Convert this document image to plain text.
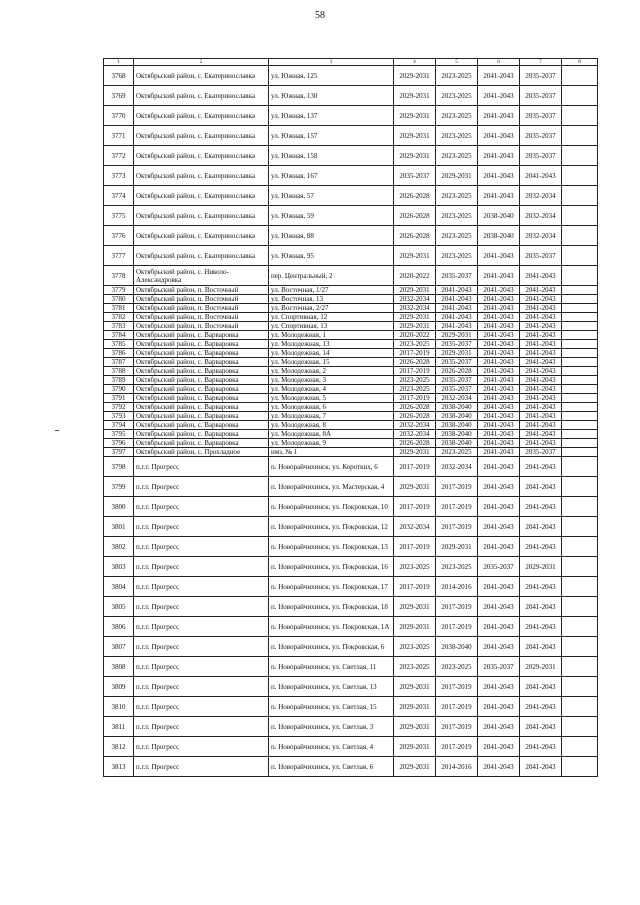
58
1	2	3	4	5	6	7	8
3768	Октябрьский район, с. Екатеринославка	ул. Южная, 125	2029-2031	2023-2025	2041-2043	2035-2037	
3769	Октябрьский район, с. Екатеринославка	ул. Южная, 130	2029-2031	2023-2025	2041-2043	2035-2037	
3770	Октябрьский район, с. Екатеринославка	ул. Южная, 137	2029-2031	2023-2025	2041-2043	2035-2037	
3771	Октябрьский район, с. Екатеринославка	ул. Южная, 157	2029-2031	2023-2025	2041-2043	2035-2037	
3772	Октябрьский район, с. Екатеринославка	ул. Южная, 158	2029-2031	2023-2025	2041-2043	2035-2037	
3773	Октябрьский район, с. Екатеринославка	ул. Южная, 167	2035-2037	2029-2031	2041-2043	2041-2043	
3774	Октябрьский район, с. Екатеринославка	ул. Южная, 57	2026-2028	2023-2025	2041-2043	2032-2034	
3775	Октябрьский район, с. Екатеринославка	ул. Южная, 59	2026-2028	2023-2025	2038-2040	2032-2034	
3776	Октябрьский район, с. Екатеринославка	ул. Южная, 88	2026-2028	2023-2025	2038-2040	2032-2034	
3777	Октябрьский район, с. Екатеринославка	ул. Южная, 95	2029-2031	2023-2025	2041-2043	2035-2037	
3778	Октябрьский район, с. Николо-Александровка	пер. Центральный, 2	2020-2022	2035-2037	2041-2043	2041-2043	
3779	Октябрьский район, п. Восточный	ул. Восточная, 1/27	2029-2031	2041-2043	2041-2043	2041-2043	
3780	Октябрьский район, п. Восточный	ул. Восточная, 13	2032-2034	2041-2043	2041-2043	2041-2043	
3781	Октябрьский район, п. Восточный	ул. Восточная, 2/27	2032-2034	2041-2043	2041-2043	2041-2043	
3782	Октябрьский район, п. Восточный	ул. Спортивная, 12	2029-2031	2041-2043	2041-2043	2041-2043	
3783	Октябрьский район, п. Восточный	ул. Спортивная, 13	2029-2031	2041-2043	2041-2043	2041-2043	
3784	Октябрьский район, с. Варваровка	ул. Молодежная, 1	2020-2022	2029-2031	2041-2043	2041-2043	
3785	Октябрьский район, с. Варваровка	ул. Молодежная, 13	2023-2025	2035-2037	2041-2043	2041-2043	
3786	Октябрьский район, с. Варваровка	ул. Молодежная, 14	2017-2019	2029-2031	2041-2043	2041-2043	
3787	Октябрьский район, с. Варваровка	ул. Молодежная, 15	2026-2028	2035-2037	2041-2043	2041-2043	
3788	Октябрьский район, с. Варваровка	ул. Молодежная, 2	2017-2019	2026-2028	2041-2043	2041-2043	
3789	Октябрьский район, с. Варваровка	ул. Молодежная, 3	2023-2025	2035-2037	2041-2043	2041-2043	
3790	Октябрьский район, с. Варваровка	ул. Молодежная, 4	2023-2025	2035-2037	2041-2043	2041-2043	
3791	Октябрьский район, с. Варваровка	ул. Молодежная, 5	2017-2019	2032-2034	2041-2043	2041-2043	
3792	Октябрьский район, с. Варваровка	ул. Молодежная, 6	2026-2028	2038-2040	2041-2043	2041-2043	
3793	Октябрьский район, с. Варваровка	ул. Молодежная, 7	2026-2028	2038-2040	2041-2043	2041-2043	
3794	Октябрьский район, с. Варваровка	ул. Молодежная, 8	2032-2034	2038-2040	2041-2043	2041-2043	
3795	Октябрьский район, с. Варваровка	ул. Молодежная, 8А	2032-2034	2038-2040	2041-2043	2041-2043	
3796	Октябрьский район, с. Варваровка	ул. Молодежная, 9	2026-2028	2038-2040	2041-2043	2041-2043	
3797	Октябрьский район, с. Прохладное	нмз. № 1	2029-2031	2023-2025	2041-2043	2035-2037	
3798	п.г.т. Прогресс	п. Новорайчихинск, ул. Коротких, 6	2017-2019	2032-2034	2041-2043	2041-2043	
3799	п.г.т. Прогресс	п. Новорайчихинск, ул. Мастерская, 4	2029-2031	2017-2019	2041-2043	2041-2043	
3800	п.г.т. Прогресс	п. Новорайчихинск, ул. Покровская, 10	2017-2019	2017-2019	2041-2043	2041-2043	
3801	п.г.т. Прогресс	п. Новорайчихинск, ул. Покровская, 12	2032-2034	2017-2019	2041-2043	2041-2043	
3802	п.г.т. Прогресс	п. Новорайчихинск, ул. Покровская, 13	2017-2019	2029-2031	2041-2043	2041-2043	
3803	п.г.т. Прогресс	п. Новорайчихинск, ул. Покровская, 16	2023-2025	2023-2025	2035-2037	2029-2031	
3804	п.г.т. Прогресс	п. Новорайчихинск, ул. Покровская, 17	2017-2019	2014-2016	2041-2043	2041-2043	
3805	п.г.т. Прогресс	п. Новорайчихинск, ул. Покровская, 18	2029-2031	2017-2019	2041-2043	2041-2043	
3806	п.г.т. Прогресс	п. Новорайчихинск, ул. Покровская, 1А	2029-2031	2017-2019	2041-2043	2041-2043	
3807	п.г.т. Прогресс	п. Новорайчихинск, ул. Покровская, 6	2023-2025	2038-2040	2041-2043	2041-2043	
3808	п.г.т. Прогресс	п. Новорайчихинск, ул. Светлая, 11	2023-2025	2023-2025	2035-2037	2029-2031	
3809	п.г.т. Прогресс	п. Новорайчихинск, ул. Светлая, 13	2029-2031	2017-2019	2041-2043	2041-2043	
3810	п.г.т. Прогресс	п. Новорайчихинск, ул. Светлая, 15	2029-2031	2017-2019	2041-2043	2041-2043	
3811	п.г.т. Прогресс	п. Новорайчихинск, ул. Светлая, 3	2029-2031	2017-2019	2041-2043	2041-2043	
3812	п.г.т. Прогресс	п. Новорайчихинск, ул. Светлая, 4	2029-2031	2017-2019	2041-2043	2041-2043	
3813	п.г.т. Прогресс	п. Новорайчихинск, ул. Светлая, 6	2029-2031	2014-2016	2041-2043	2041-2043	
